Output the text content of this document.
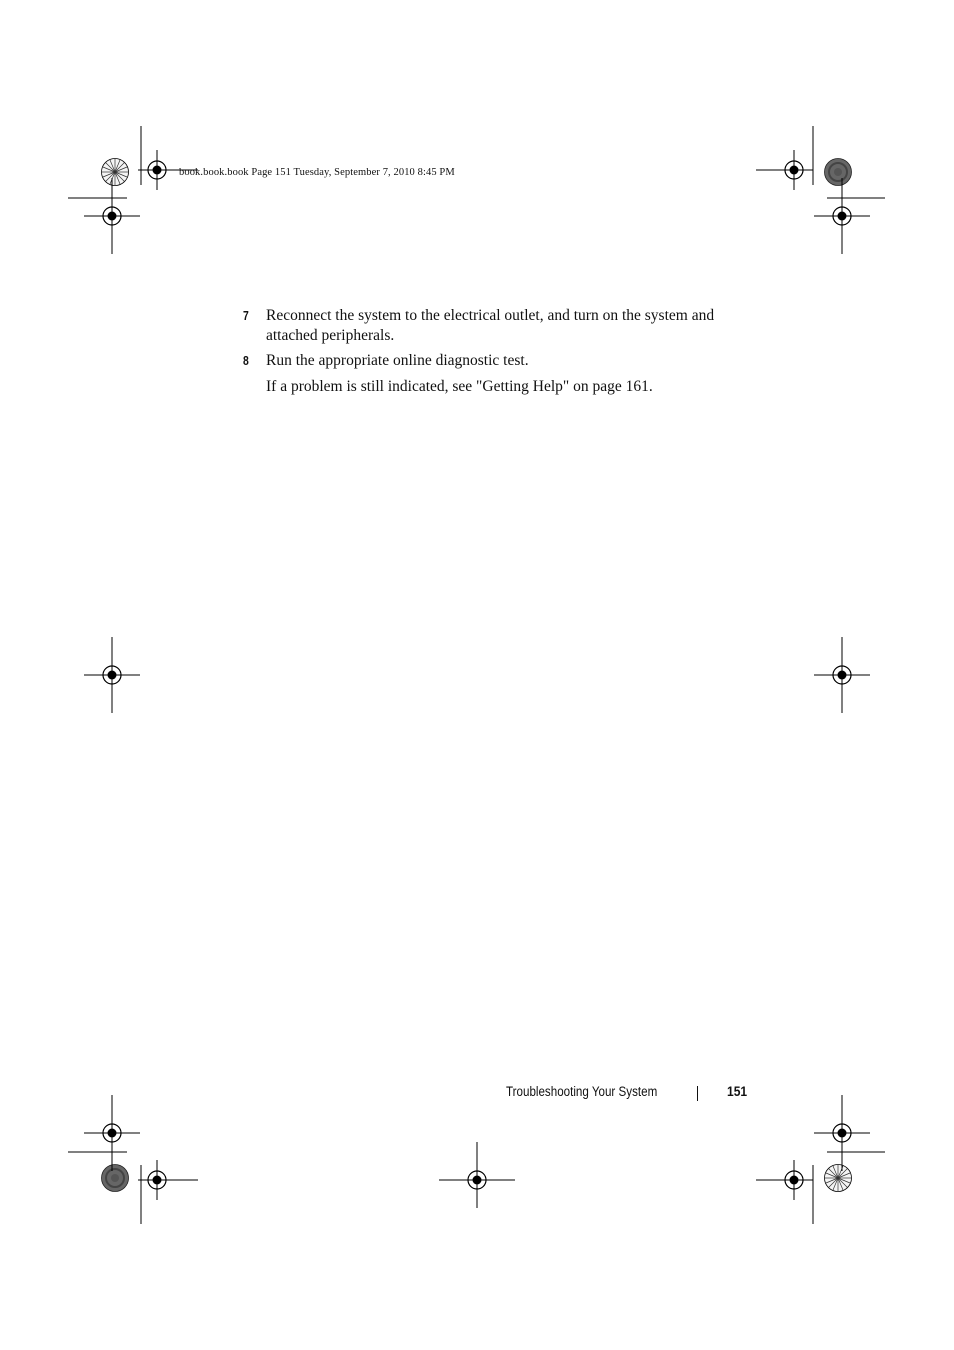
book.book.book Page 151 Tuesday, September 7, 2010 8:45 PM
7 Reconnect the system to the electrical outlet, and turn on the system and attached peripherals.
8 Run the appropriate online diagnostic test.
If a problem is still indicated, see "Getting Help" on page 161.
Troubleshooting Your System	151
